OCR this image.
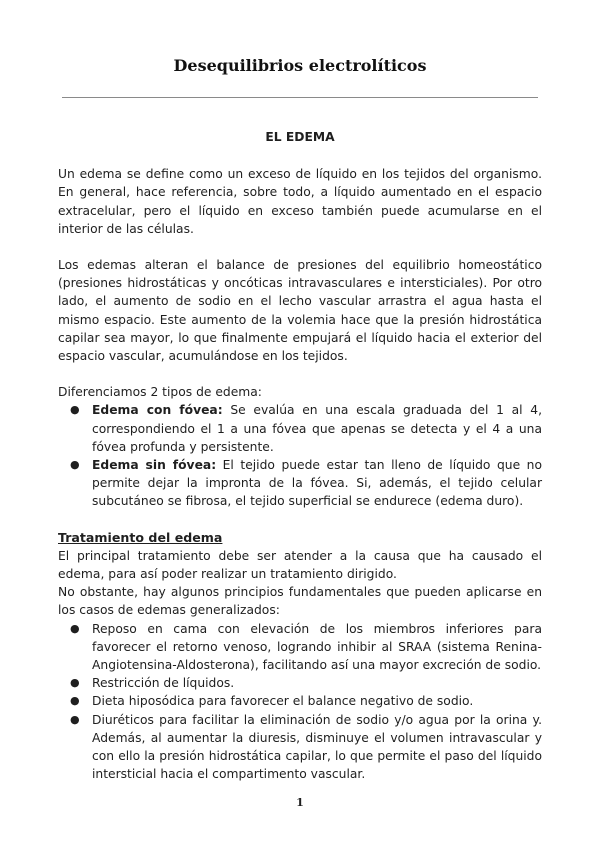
Desequilibrios electrolíticos
EL EDEMA

Un edema se define como un exceso de líquido en los tejidos del organismo. En general, hace referencia, sobre todo, a líquido aumentado en el espacio extracelular, pero el líquido en exceso también puede acumularse en el interior de las células.

Los edemas alteran el balance de presiones del equilibrio homeostático (presiones hidrostáticas y oncóticas intravasculares e intersticiales). Por otro lado, el aumento de sodio en el lecho vascular arrastra el agua hasta el mismo espacio. Este aumento de la volemia hace que la presión hidrostática capilar sea mayor, lo que finalmente empujará el líquido hacia el exterior del espacio vascular, acumulándose en los tejidos.

Diferenciamos 2 tipos de edema:

● Edema con fóvea: Se evalúa en una escala graduada del 1 al 4, correspondiendo el 1 a una fóvea que apenas se detecta y el 4 a una fóvea profunda y persistente.
● Edema sin fóvea: El tejido puede estar tan lleno de líquido que no permite dejar la impronta de la fóvea. Si, además, el tejido celular subcutáneo se fibrosa, el tejido superficial se endurece (edema duro).

Tratamiento del edema

El principal tratamiento debe ser atender a la causa que ha causado el edema, para así poder realizar un tratamiento dirigido.

No obstante, hay algunos principios fundamentales que pueden aplicarse en los casos de edemas generalizados:

● Reposo en cama con elevación de los miembros inferiores para favorecer el retorno venoso, logrando inhibir al SRAA (sistema Renina-Angiotensina-Aldosterona), facilitando así una mayor excreción de sodio.
● Restricción de líquidos.
● Dieta hiposódica para favorecer el balance negativo de sodio.
● Diuréticos para facilitar la eliminación de sodio y/o agua por la orina y. Además, al aumentar la diuresis, disminuye el volumen intravascular y con ello la presión hidrostática capilar, lo que permite el paso del líquido intersticial hacia el compartimento vascular.
1
